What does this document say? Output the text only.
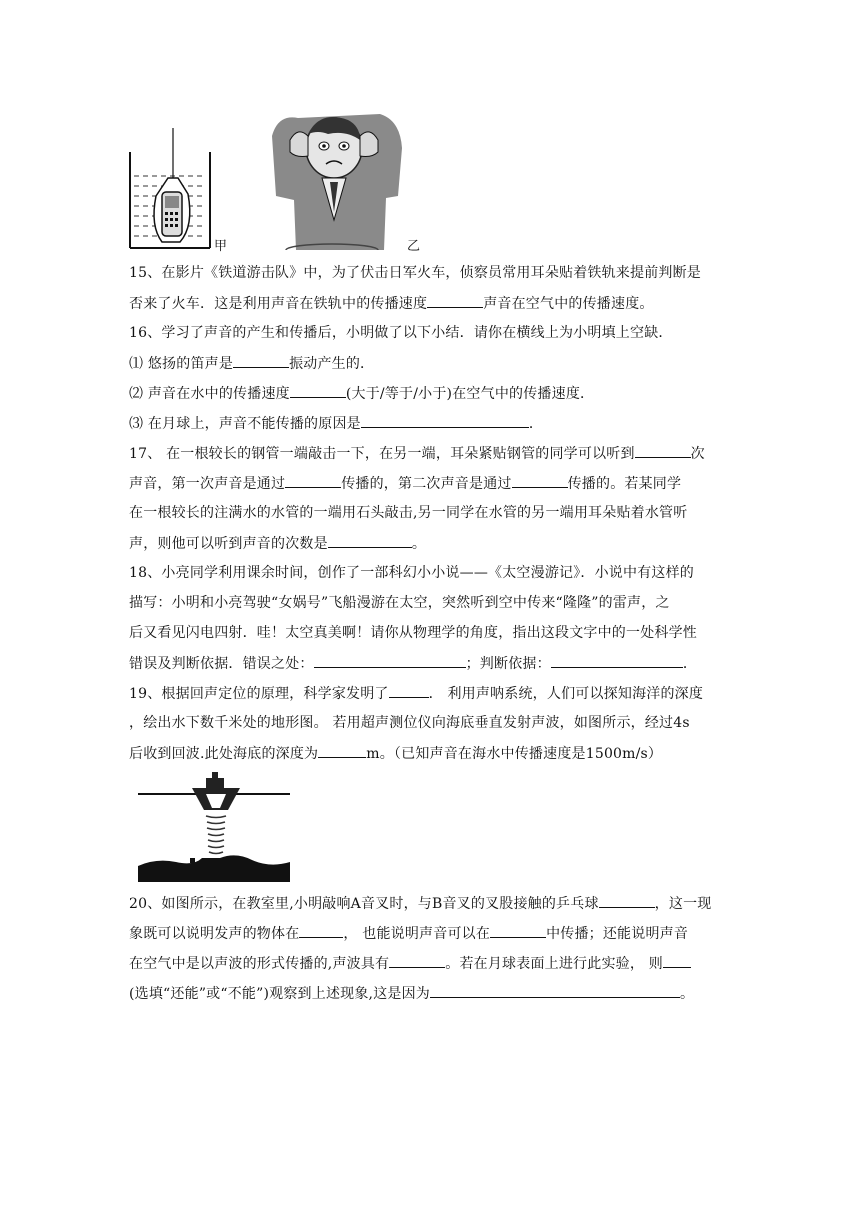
甲	乙
15、在影片《铁道游击队》中，为了伏击日军火车，侦察员常用耳朵贴着铁轨来提前判断是
否来了火车．这是利用声音在铁轨中的传播速度	声音在空气中的传播速度。
16、学习了声音的产生和传播后，小明做了以下小结．请你在横线上为小明填上空缺．
⑴ 悠扬的笛声是	振动产生的．
⑵ 声音在水中的传播速度	(大于/等于/小于)在空气中的传播速度．
⑶ 在月球上，声音不能传播的原因是	．
17、 在一根较长的钢管一端敲击一下，在另一端，耳朵紧贴钢管的同学可以听到	次
声音，第一次声音是通过	传播的，第二次声音是通过	传播的。若某同学
在一根较长的注满水的水管的一端用石头敲击,另一同学在水管的另一端用耳朵贴着水管听
声，则他可以听到声音的次数是	。
18、小亮同学利用课余时间，创作了一部科幻小小说——《太空漫游记》．小说中有这样的
描写：小明和小亮驾驶“女娲号”飞船漫游在太空，突然听到空中传来“隆隆”的雷声，之
后又看见闪电四射．哇！太空真美啊！请你从物理学的角度，指出这段文字中的一处科学性
错误及判断依据．错误之处：	；判断依据：	．
19、根据回声定位的原理，科学家发明了	． 利用声呐系统，人们可以探知海洋的深度
，绘出水下数千米处的地形图。 若用超声测位仪向海底垂直发射声波，如图所示，经过4s
后收到回波.此处海底的深度为	m。（已知声音在海水中传播速度是1500m/s）
20、如图所示，在教室里,小明敲响A音叉时，与B音叉的叉股接触的乒乓球	，这一现
象既可以说明发声的物体在	， 也能说明声音可以在	中传播；还能说明声音
在空气中是以声波的形式传播的,声波具有	。若在月球表面上进行此实验， 则
(选填“还能”或“不能”)观察到上述现象,这是因为	。
